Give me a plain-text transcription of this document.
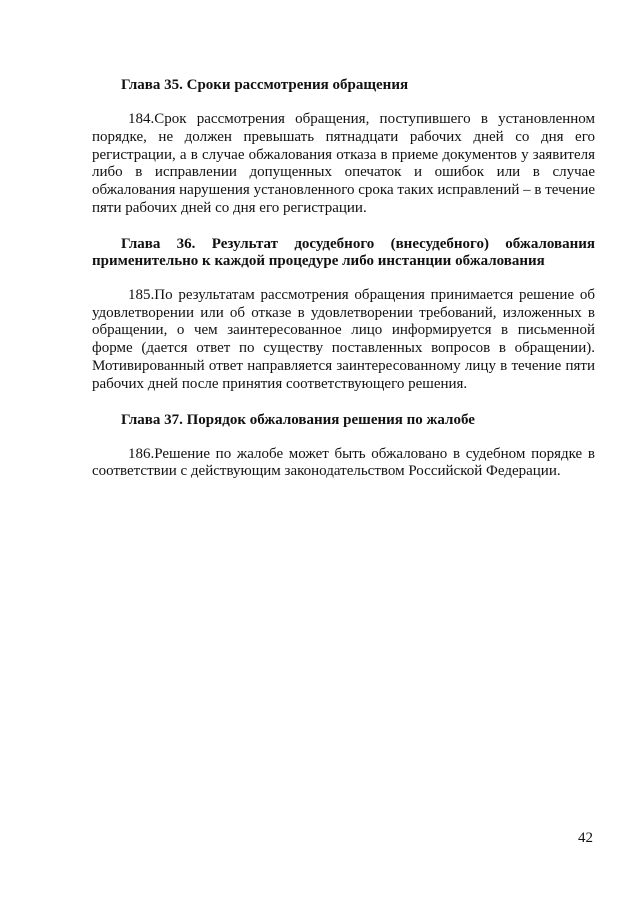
Глава 35. Сроки рассмотрения обращения

184.Срок рассмотрения обращения, поступившего в установленном порядке, не должен превышать пятнадцати рабочих дней со дня его регистрации, а в случае обжалования отказа в приеме документов у заявителя либо в исправлении допущенных опечаток и ошибок или в случае обжалования нарушения установленного срока таких исправлений – в течение пяти рабочих дней со дня его регистрации.

Глава 36. Результат досудебного (внесудебного) обжалования применительно к каждой процедуре либо инстанции обжалования

185.По результатам рассмотрения обращения принимается решение об удовлетворении или об отказе в удовлетворении требований, изложенных в обращении, о чем заинтересованное лицо информируется в письменной форме (дается ответ по существу поставленных вопросов в обращении). Мотивированный ответ направляется заинтересованному лицу в течение пяти рабочих дней после принятия соответствующего решения.

Глава 37. Порядок обжалования решения по жалобе

186.Решение по жалобе может быть обжаловано в судебном порядке в соответствии с действующим законодательством Российской Федерации.

42
